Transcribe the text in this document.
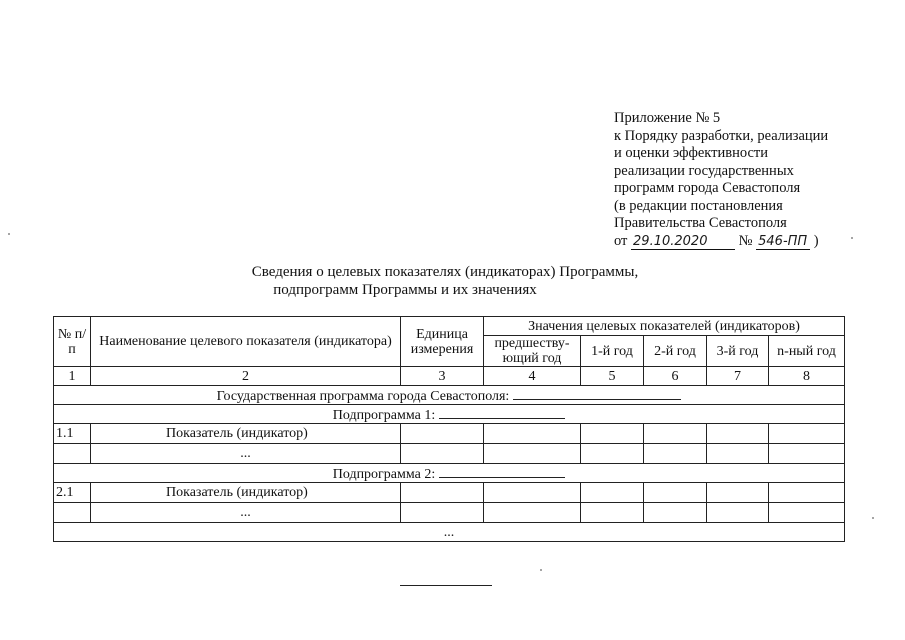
Приложение № 5
к Порядку разработки, реализации
и оценки эффективности
реализации государственных
программ города Севастополя
(в редакции постановления
Правительства Севастополя
от 29.10.2020 № 546-ПП )
Сведения о целевых показателях (индикаторах) Программы,
подпрограмм Программы и их значениях
№ п/п	Наименование целевого показателя (индикатора)	Единица измерения	Значения целевых показателей (индикаторов)				
			предшеству-ющий год	1-й год	2-й год	3-й год	n-ный год
1	2	3	4	5	6	7	8
Государственная программа города Севастополя:							
Подпрограмма 1:							
1.1	Показатель (индикатор)						
	...						
Подпрограмма 2:							
2.1	Показатель (индикатор)						
	...						
...							
